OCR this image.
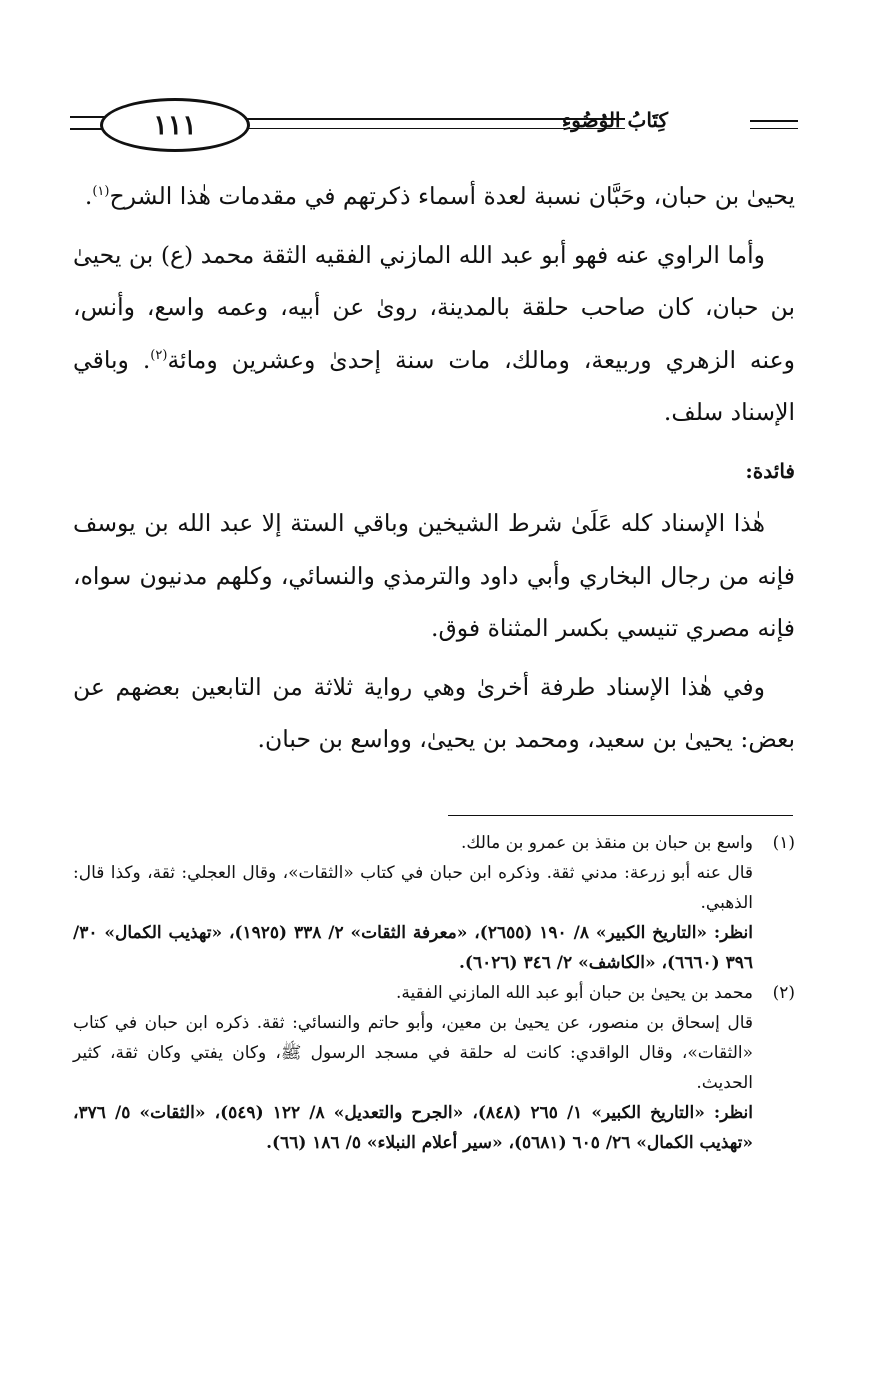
١١١	كِتَابُ الوُضُوءِ

يحيىٰ بن حبان، وحَبَّان نسبة لعدة أسماء ذكرتهم في مقدمات هٰذا الشرح$^{(١)}$.

وأما الراوي عنه فهو أبو عبد الله المازني الفقيه الثقة محمد (ع) بن يحيىٰ بن حبان، كان صاحب حلقة بالمدينة، روىٰ عن أبيه، وعمه واسع، وأنس، وعنه الزهري وربيعة، ومالك، مات سنة إحدىٰ وعشرين ومائة$^{(٢)}$. وباقي الإسناد سلف.

فائدة:

هٰذا الإسناد كله عَلَىٰ شرط الشيخين وباقي الستة إلا عبد الله بن يوسف فإنه من رجال البخاري وأبي داود والترمذي والنسائي، وكلهم مدنيون سواه، فإنه مصري تنيسي بكسر المثناة فوق.

وفي هٰذا الإسناد طرفة أخرىٰ وهي رواية ثلاثة من التابعين بعضهم عن بعض: يحيىٰ بن سعيد، ومحمد بن يحيىٰ، وواسع بن حبان.

(١)
واسع بن حبان بن منقذ بن عمرو بن مالك.
قال عنه أبو زرعة: مدني ثقة. وذكره ابن حبان في كتاب «الثقات»، وقال العجلي: ثقة، وكذا قال: الذهبي.
انظر: «التاريخ الكبير» ٨/ ١٩٠ (٢٦٥٥)، «معرفة الثقات» ٢/ ٣٣٨ (١٩٢٥)، «تهذيب الكمال» ٣٠/ ٣٩٦ (٦٦٦٠)، «الكاشف» ٢/ ٣٤٦ (٦٠٢٦).
(٢)
محمد بن يحيىٰ بن حبان أبو عبد الله المازني الفقية.
قال إسحاق بن منصور، عن يحيىٰ بن معين، وأبو حاتم والنسائي: ثقة. ذكره ابن حبان في كتاب «الثقات»، وقال الواقدي: كانت له حلقة في مسجد الرسول ﷺ، وكان يفتي وكان ثقة، كثير الحديث.
انظر: «التاريخ الكبير» ١/ ٢٦٥ (٨٤٨)، «الجرح والتعديل» ٨/ ١٢٢ (٥٤٩)، «الثقات» ٥/ ٣٧٦، «تهذيب الكمال» ٢٦/ ٦٠٥ (٥٦٨١)، «سير أعلام النبلاء» ٥/ ١٨٦ (٦٦).
